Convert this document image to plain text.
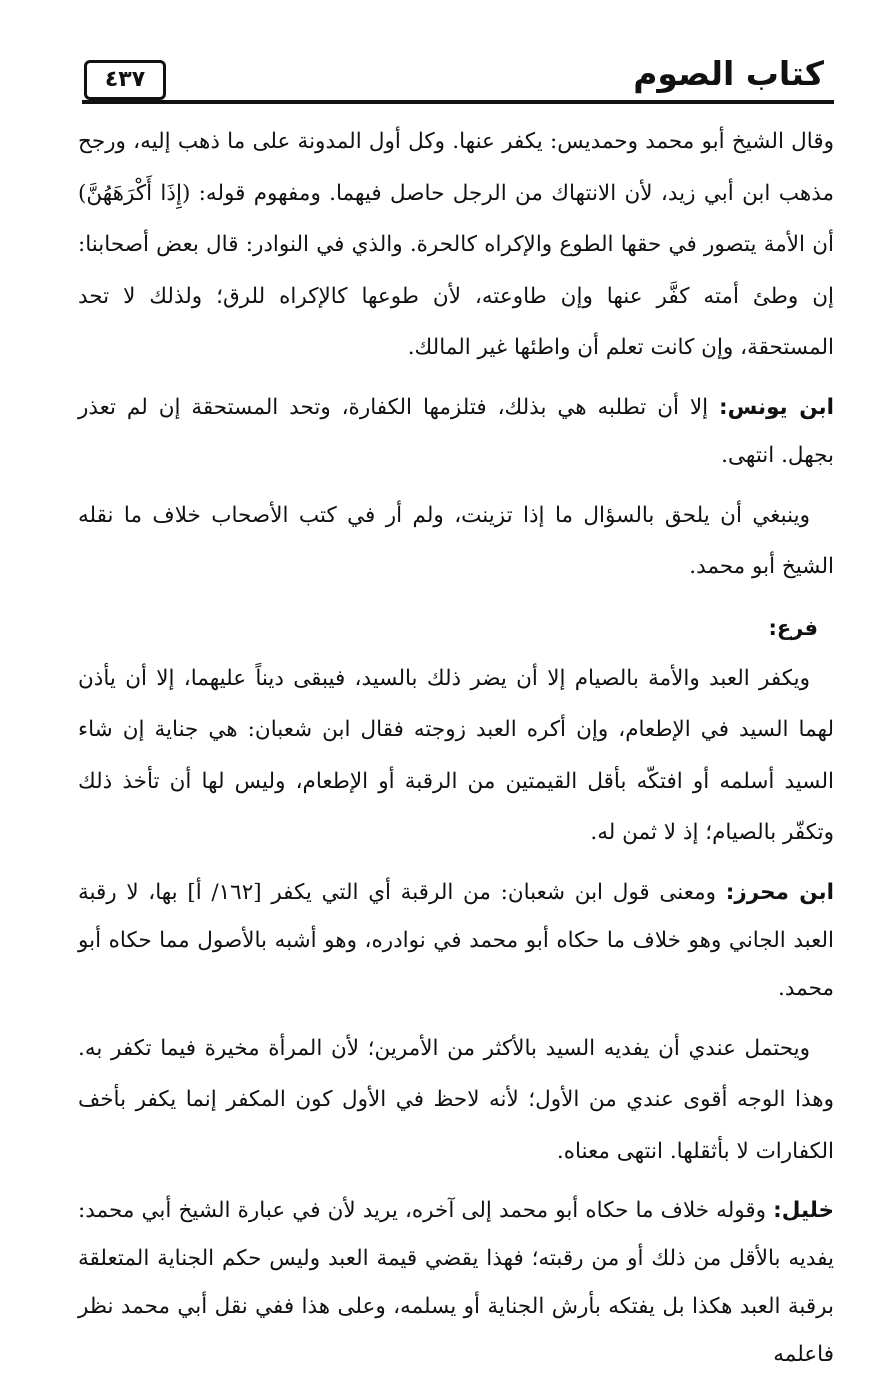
كتاب الصوم
٤٣٧

وقال الشيخ أبو محمد وحمديس: يكفر عنها. وكل أول المدونة على ما ذهب إليه، ورجح مذهب ابن أبي زيد، لأن الانتهاك من الرجل حاصل فيهما. ومفهوم قوله: (إِذَا أَكْرَهَهُنَّ) أن الأمة يتصور في حقها الطوع والإكراه كالحرة. والذي في النوادر: قال بعض أصحابنا: إن وطئ أمته كفَّر عنها وإن طاوعته، لأن طوعها كالإكراه للرق؛ ولذلك لا تحد المستحقة، وإن كانت تعلم أن واطئها غير المالك.

ابن يونس: إلا أن تطلبه هي بذلك، فتلزمها الكفارة، وتحد المستحقة إن لم تعذر بجهل. انتهى.

وينبغي أن يلحق بالسؤال ما إذا تزينت، ولم أر في كتب الأصحاب خلاف ما نقله الشيخ أبو محمد.

فرع:

ويكفر العبد والأمة بالصيام إلا أن يضر ذلك بالسيد، فيبقى ديناً عليهما، إلا أن يأذن لهما السيد في الإطعام، وإن أكره العبد زوجته فقال ابن شعبان: هي جناية إن شاء السيد أسلمه أو افتكّه بأقل القيمتين من الرقبة أو الإطعام، وليس لها أن تأخذ ذلك وتكفّر بالصيام؛ إذ لا ثمن له.

ابن محرز: ومعنى قول ابن شعبان: من الرقبة أي التي يكفر [١٦٢/ أ] بها، لا رقبة العبد الجاني وهو خلاف ما حكاه أبو محمد في نوادره، وهو أشبه بالأصول مما حكاه أبو محمد.

ويحتمل عندي أن يفديه السيد بالأكثر من الأمرين؛ لأن المرأة مخيرة فيما تكفر به. وهذا الوجه أقوى عندي من الأول؛ لأنه لاحظ في الأول كون المكفر إنما يكفر بأخف الكفارات لا بأثقلها. انتهى معناه.

خليل: وقوله خلاف ما حكاه أبو محمد إلى آخره، يريد لأن في عبارة الشيخ أبي محمد: يفديه بالأقل من ذلك أو من رقبته؛ فهذا يقضي قيمة العبد وليس حكم الجناية المتعلقة برقبة العبد هكذا بل يفتكه بأرش الجناية أو يسلمه، وعلى هذا ففي نقل أبي محمد نظر فاعلمه
